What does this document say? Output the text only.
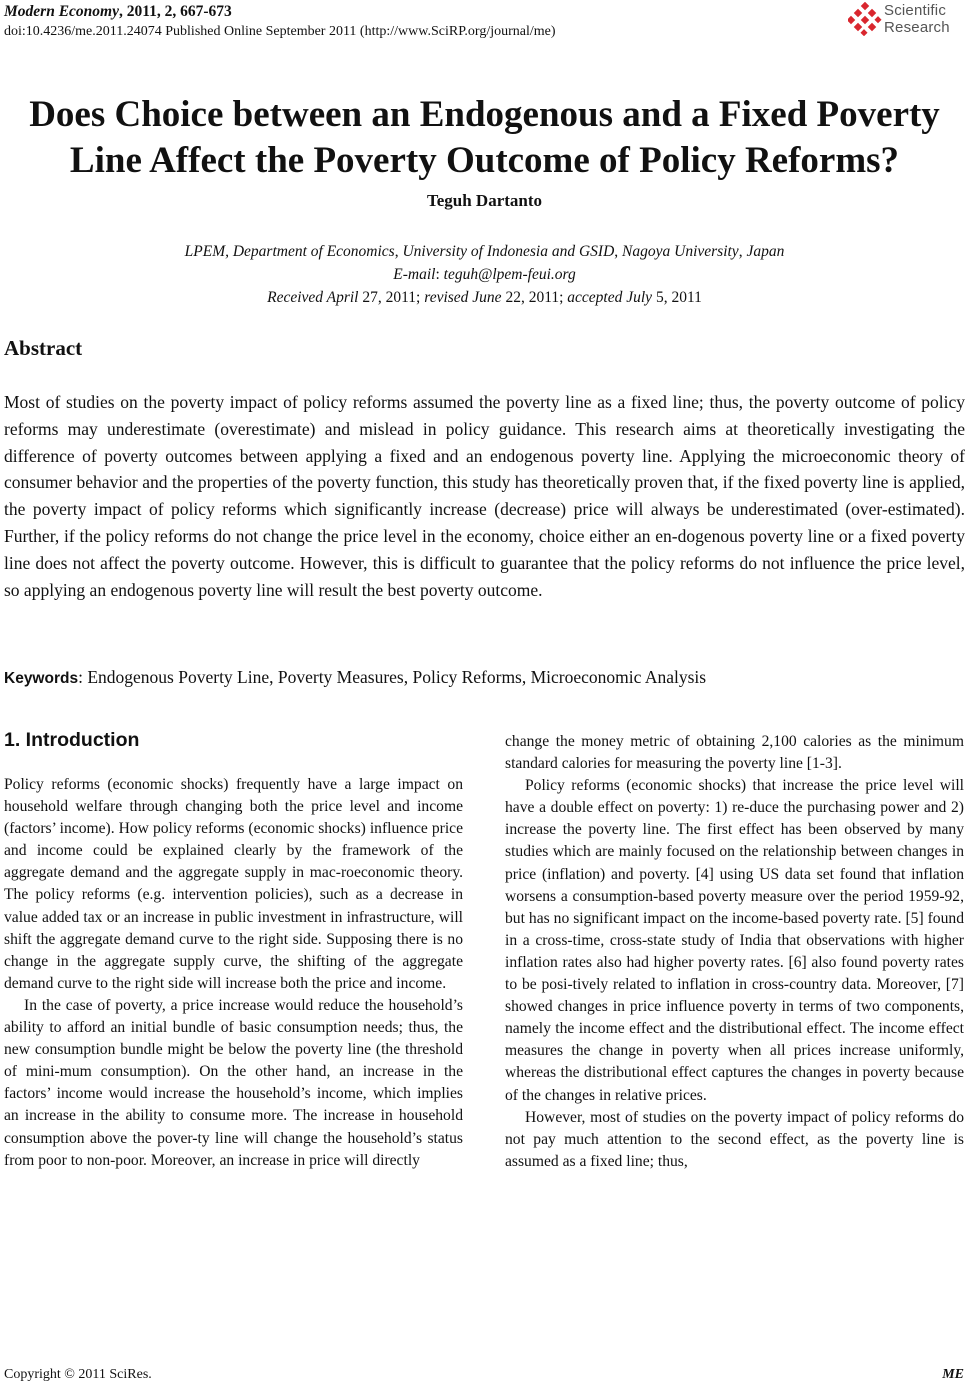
Modern Economy, 2011, 2, 667-673
doi:10.4236/me.2011.24074 Published Online September 2011 (http://www.SciRP.org/journal/me)
Scientific
Research
Does Choice between an Endogenous and a Fixed Poverty
Line Affect the Poverty Outcome of Policy Reforms?
Teguh Dartanto
LPEM, Department of Economics, University of Indonesia and GSID, Nagoya University, Japan
E-mail: teguh@lpem-feui.org
Received April 27, 2011; revised June 22, 2011; accepted July 5, 2011
Abstract
Most of studies on the poverty impact of policy reforms assumed the poverty line as a fixed line; thus, the poverty outcome of policy reforms may underestimate (overestimate) and mislead in policy guidance. This research aims at theoretically investigating the difference of poverty outcomes between applying a fixed and an endogenous poverty line. Applying the microeconomic theory of consumer behavior and the properties of the poverty function, this study has theoretically proven that, if the fixed poverty line is applied, the poverty impact of policy reforms which significantly increase (decrease) price will always be underestimated (over-estimated). Further, if the policy reforms do not change the price level in the economy, choice either an en-dogenous poverty line or a fixed poverty line does not affect the poverty outcome. However, this is difficult to guarantee that the policy reforms do not influence the price level, so applying an endogenous poverty line will result the best poverty outcome.
Keywords: Endogenous Poverty Line, Poverty Measures, Policy Reforms, Microeconomic Analysis
1. Introduction

Policy reforms (economic shocks) frequently have a large impact on household welfare through changing both the price level and income (factors’ income). How policy reforms (economic shocks) influence price and income could be explained clearly by the framework of the aggregate demand and the aggregate supply in mac-roeconomic theory. The policy reforms (e.g. intervention policies), such as a decrease in value added tax or an increase in public investment in infrastructure, will shift the aggregate demand curve to the right side. Supposing there is no change in the aggregate supply curve, the shifting of the aggregate demand curve to the right side will increase both the price and income.

In the case of poverty, a price increase would reduce the household’s ability to afford an initial bundle of basic consumption needs; thus, the new consumption bundle might be below the poverty line (the threshold of mini-mum consumption). On the other hand, an increase in the factors’ income would increase the household’s income, which implies an increase in the ability to consume more. The increase in household consumption above the pover-ty line will change the household’s status from poor to non-poor. Moreover, an increase in price will directly

change the money metric of obtaining 2,100 calories as the minimum standard calories for measuring the poverty line [1-3].

Policy reforms (economic shocks) that increase the price level will have a double effect on poverty: 1) re-duce the purchasing power and 2) increase the poverty line. The first effect has been observed by many studies which are mainly focused on the relationship between changes in price (inflation) and poverty. [4] using US data set found that inflation worsens a consumption-based poverty measure over the period 1959-92, but has no significant impact on the income-based poverty rate. [5] found in a cross-time, cross-state study of India that observations with higher inflation rates also had higher poverty rates. [6] also found poverty rates to be posi-tively related to inflation in cross-country data. Moreover, [7] showed changes in price influence poverty in terms of two components, namely the income effect and the distributional effect. The income effect measures the change in poverty when all prices increase uniformly, whereas the distributional effect captures the changes in poverty because of the changes in relative prices.

However, most of studies on the poverty impact of policy reforms do not pay much attention to the second effect, as the poverty line is assumed as a fixed line; thus,

Copyright © 2011 SciRes.	ME
